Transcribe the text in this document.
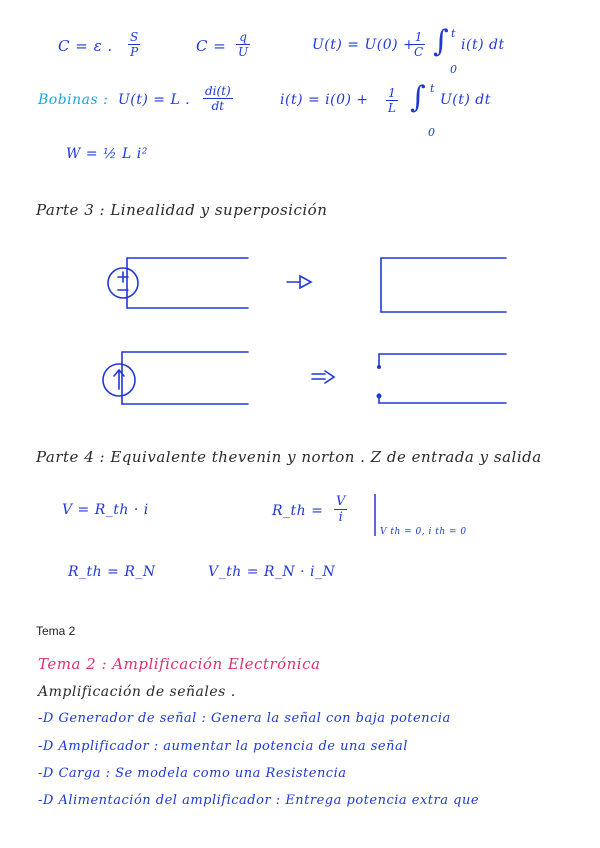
C = ε . $\frac{S}{P}$	$C = \frac{q}{U}$	U(t) = U(0) +
$\frac{1}{C}$ ∫ t
0
i(t) dt
Bobinas : U(t) = L . $\frac{di(t)}{dt}$	$i(t) = i(0) + \frac{1}{L}$ ∫ t
0
U(t) dt
W = ½ L i²
Parte 3 : Linealidad y superposición
Parte 4 : Equivalente thevenin y norton . Z de entrada y salida
V = R_th · i	R_th = $\frac{V}{i}$
V th = 0, i th = 0
R_th = R_N	V_th = R_N · i_N
Tema 2
Tema 2 : Amplificación Electrónica
Amplificación de señales .
-D Generador de señal : Genera la señal con baja potencia
-D Amplificador : aumentar la potencia de una señal
-D Carga : Se modela como una Resistencia
-D Alimentación del amplificador : Entrega potencia extra que
